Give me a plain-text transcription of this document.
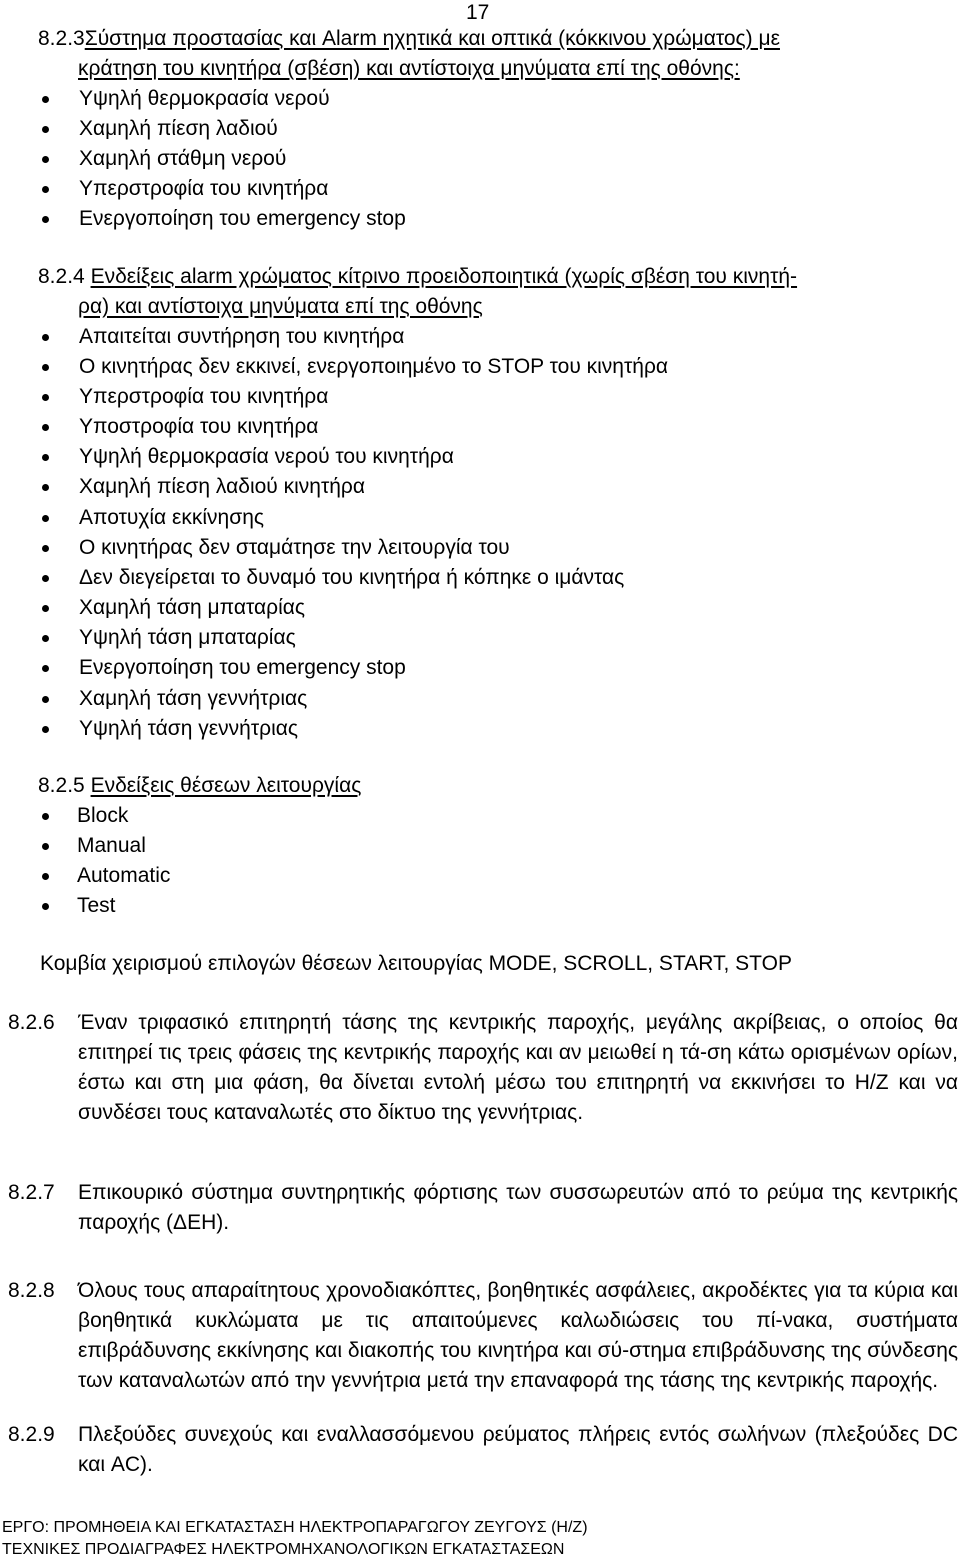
17
8.2.3Σύστημα προστασίας και Alarm ηχητικά και οπτικά (κόκκινου χρώματος) με
κράτηση του κινητήρα (σβέση) και αντίστοιχα μηνύματα επί της οθόνης:
Υψηλή θερμοκρασία νερού
Χαμηλή πίεση λαδιού
Χαμηλή στάθμη νερού
Υπερστροφία του κινητήρα
Ενεργοποίηση του emergency stop
8.2.4 Ενδείξεις alarm χρώματος κίτρινο προειδοποιητικά (χωρίς σβέση του κινητή-
ρα) και αντίστοιχα μηνύματα επί της οθόνης
Απαιτείται συντήρηση του κινητήρα
Ο κινητήρας δεν εκκινεί, ενεργοποιημένο το STOP του κινητήρα
Υπερστροφία του κινητήρα
Υποστροφία του κινητήρα
Υψηλή θερμοκρασία νερού του κινητήρα
Χαμηλή πίεση λαδιού κινητήρα
Αποτυχία εκκίνησης
Ο κινητήρας δεν σταμάτησε την λειτουργία του
Δεν διεγείρεται το δυναμό του κινητήρα ή κόπηκε ο ιμάντας
Χαμηλή τάση μπαταρίας
Υψηλή τάση μπαταρίας
Ενεργοποίηση του emergency stop
Χαμηλή τάση γεννήτριας
Υψηλή τάση γεννήτριας
8.2.5 Ενδείξεις θέσεων λειτουργίας
Block
Manual
Automatic
Test
Κομβία χειρισμού επιλογών θέσεων λειτουργίας MODE, SCROLL, START, STOP
8.2.6 Έναν τριφασικό επιτηρητή τάσης της κεντρικής παροχής, μεγάλης ακρίβειας, ο οποίος θα επιτηρεί τις τρεις φάσεις της κεντρικής παροχής και αν μειωθεί η τά-ση κάτω ορισμένων ορίων, έστω και στη μια φάση, θα δίνεται εντολή μέσω του επιτηρητή να εκκινήσει το Η/Ζ και να συνδέσει τους καταναλωτές στο δίκτυο της γεννήτριας.
8.2.7 Επικουρικό σύστημα συντηρητικής φόρτισης των συσσωρευτών από το ρεύμα της κεντρικής παροχής (ΔΕΗ).
8.2.8 Όλους τους απαραίτητους χρονοδιακόπτες, βοηθητικές ασφάλειες, ακροδέκτες για τα κύρια και βοηθητικά κυκλώματα με τις απαιτούμενες καλωδιώσεις του πί-νακα, συστήματα επιβράδυνσης εκκίνησης και διακοπής του κινητήρα και σύ-στημα επιβράδυνσης της σύνδεσης των καταναλωτών από την γεννήτρια μετά την επαναφορά της τάσης της κεντρικής παροχής.
8.2.9 Πλεξούδες συνεχούς και εναλλασσόμενου ρεύματος πλήρεις εντός σωλήνων (πλεξούδες DC και AC).
ΕΡΓΟ: ΠΡΟΜΗΘΕΙΑ ΚΑΙ ΕΓΚΑΤΑΣΤΑΣΗ ΗΛΕΚΤΡΟΠΑΡΑΓΩΓΟΥ ΖΕΥΓΟΥΣ (Η/Ζ)
ΤΕΧΝΙΚΕΣ ΠΡΟΔΙΑΓΡΑΦΕΣ ΗΛΕΚΤΡΟΜΗΧΑΝΟΛΟΓΙΚΩΝ ΕΓΚΑΤΑΣΤΑΣΕΩΝ
